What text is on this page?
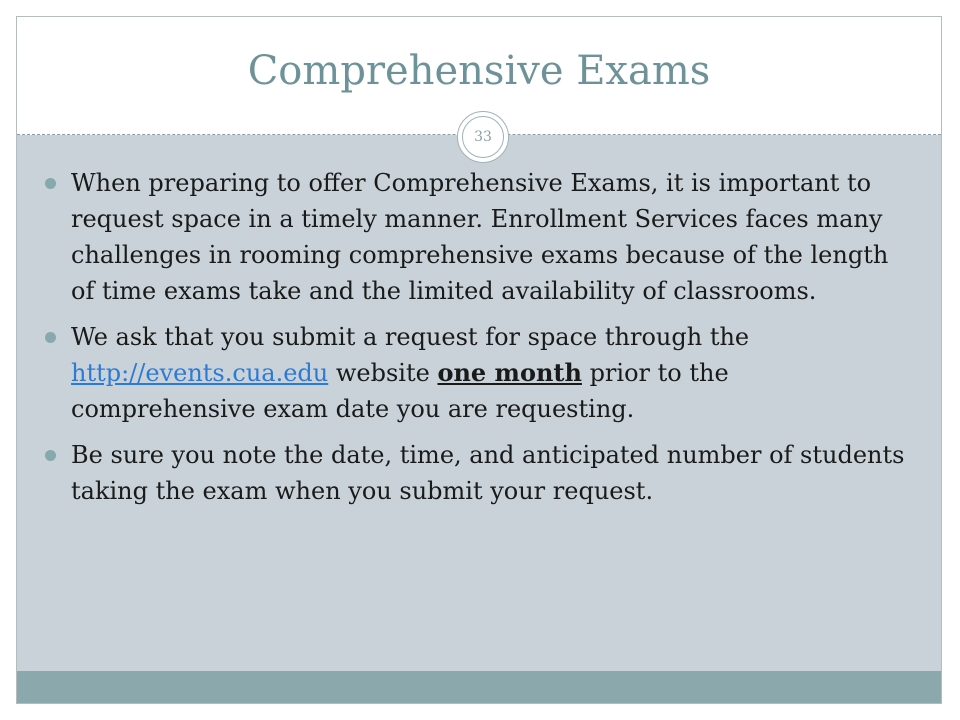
Comprehensive Exams
33
When preparing to offer Comprehensive Exams, it is important to request space in a timely manner. Enrollment Services faces many challenges in rooming comprehensive exams because of the length of time exams take and the limited availability of classrooms.
We ask that you submit a request for space through the http://events.cua.edu website one month prior to the comprehensive exam date you are requesting.
Be sure you note the date, time, and anticipated number of students taking the exam when you submit your request.
